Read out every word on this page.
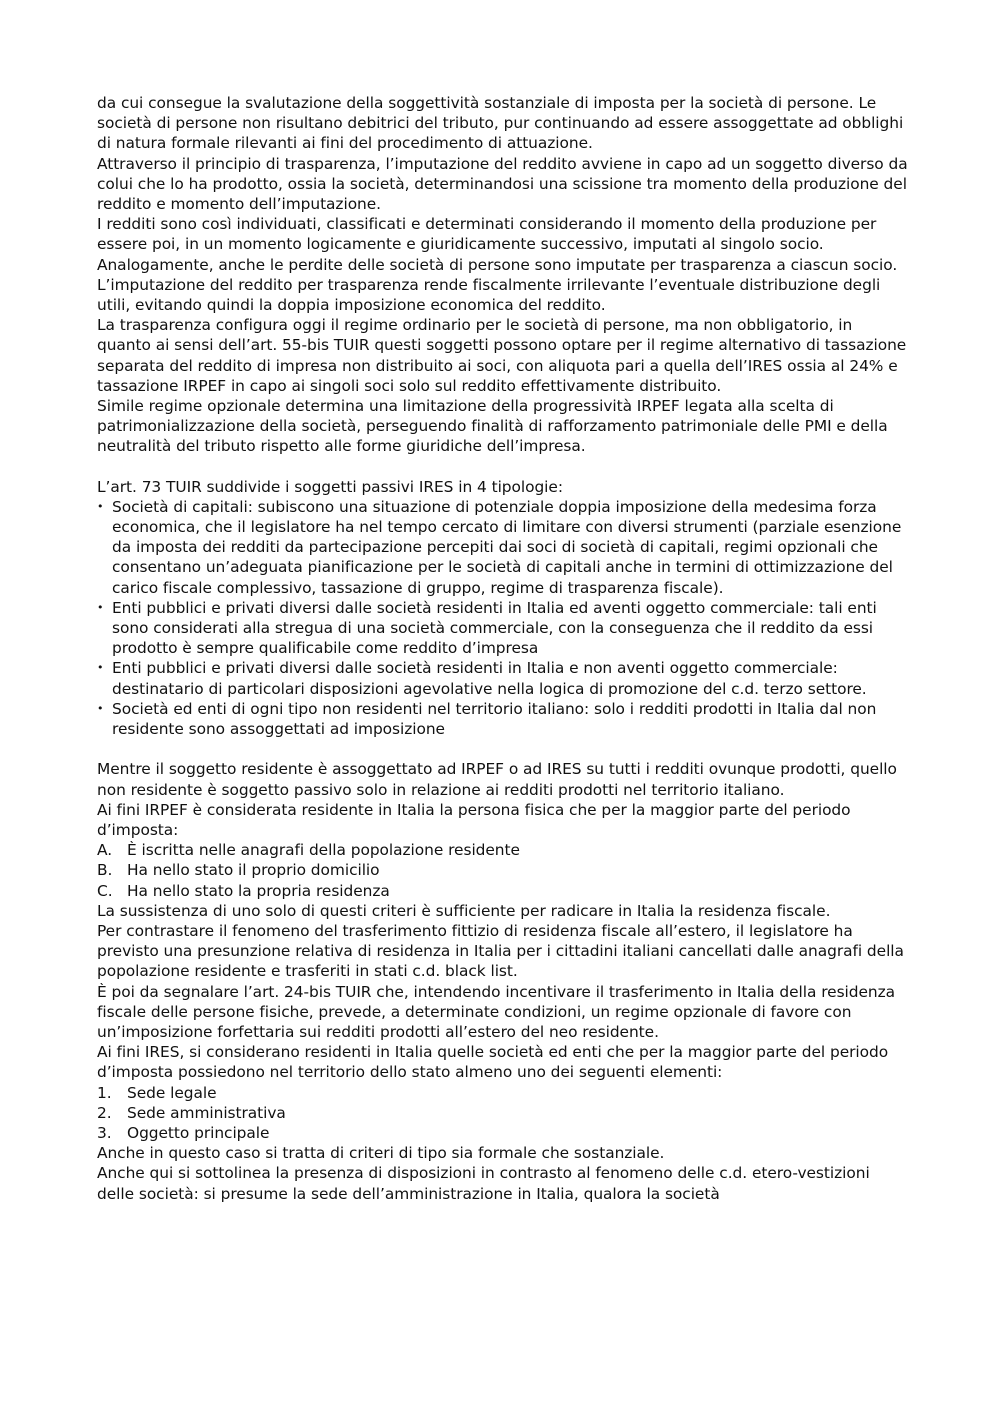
da cui consegue la svalutazione della soggettività sostanziale di imposta per la società di persone. Le società di persone non risultano debitrici del tributo, pur continuando ad essere assoggettate ad obblighi di natura formale rilevanti ai fini del procedimento di attuazione.

Attraverso il principio di trasparenza, l’imputazione del reddito avviene in capo ad un soggetto diverso da colui che lo ha prodotto, ossia la società, determinandosi una scissione tra momento della produzione del reddito e momento dell’imputazione.

I redditi sono così individuati, classificati e determinati considerando il momento della produzione per essere poi, in un momento logicamente e giuridicamente successivo, imputati al singolo socio.

Analogamente, anche le perdite delle società di persone sono imputate per trasparenza a ciascun socio.

L’imputazione del reddito per trasparenza rende fiscalmente irrilevante l’eventuale distribuzione degli utili, evitando quindi la doppia imposizione economica del reddito.

La trasparenza configura oggi il regime ordinario per le società di persone, ma non obbligatorio, in quanto ai sensi dell’art. 55-bis TUIR questi soggetti possono optare per il regime alternativo di tassazione separata del reddito di impresa non distribuito ai soci, con aliquota pari a quella dell’IRES ossia al 24% e tassazione IRPEF in capo ai singoli soci solo sul reddito effettivamente distribuito.

Simile regime opzionale determina una limitazione della progressività IRPEF legata alla scelta di patrimonializzazione della società, perseguendo finalità di rafforzamento patrimoniale delle PMI e della neutralità del tributo rispetto alle forme giuridiche dell’impresa.

L’art. 73 TUIR suddivide i soggetti passivi IRES in 4 tipologie:

• Società di capitali: subiscono una situazione di potenziale doppia imposizione della medesima forza economica, che il legislatore ha nel tempo cercato di limitare con diversi strumenti (parziale esenzione da imposta dei redditi da partecipazione percepiti dai soci di società di capitali, regimi opzionali che consentano un’adeguata pianificazione per le società di capitali anche in termini di ottimizzazione del carico fiscale complessivo, tassazione di gruppo, regime di trasparenza fiscale).
• Enti pubblici e privati diversi dalle società residenti in Italia ed aventi oggetto commerciale: tali enti sono considerati alla stregua di una società commerciale, con la conseguenza che il reddito da essi prodotto è sempre qualificabile come reddito d’impresa
• Enti pubblici e privati diversi dalle società residenti in Italia e non aventi oggetto commerciale: destinatario di particolari disposizioni agevolative nella logica di promozione del c.d. terzo settore.
• Società ed enti di ogni tipo non residenti nel territorio italiano: solo i redditi prodotti in Italia dal non residente sono assoggettati ad imposizione

Mentre il soggetto residente è assoggettato ad IRPEF o ad IRES su tutti i redditi ovunque prodotti, quello non residente è soggetto passivo solo in relazione ai redditi prodotti nel territorio italiano.

Ai fini IRPEF è considerata residente in Italia la persona fisica che per la maggior parte del periodo d’imposta:

A. È iscritta nelle anagrafi della popolazione residente
B. Ha nello stato il proprio domicilio
C. Ha nello stato la propria residenza

La sussistenza di uno solo di questi criteri è sufficiente per radicare in Italia la residenza fiscale.

Per contrastare il fenomeno del trasferimento fittizio di residenza fiscale all’estero, il legislatore ha previsto una presunzione relativa di residenza in Italia per i cittadini italiani cancellati dalle anagrafi della popolazione residente e trasferiti in stati c.d. black list.

È poi da segnalare l’art. 24-bis TUIR che, intendendo incentivare il trasferimento in Italia della residenza fiscale delle persone fisiche, prevede, a determinate condizioni, un regime opzionale di favore con un’imposizione forfettaria sui redditi prodotti all’estero del neo residente.

Ai fini IRES, si considerano residenti in Italia quelle società ed enti che per la maggior parte del periodo d’imposta possiedono nel territorio dello stato almeno uno dei seguenti elementi:

1.	Sede legale
2.	Sede amministrativa
3.	Oggetto principale

Anche in questo caso si tratta di criteri di tipo sia formale che sostanziale.

Anche qui si sottolinea la presenza di disposizioni in contrasto al fenomeno delle c.d. etero-vestizioni delle società: si presume la sede dell’amministrazione in Italia, qualora la società
